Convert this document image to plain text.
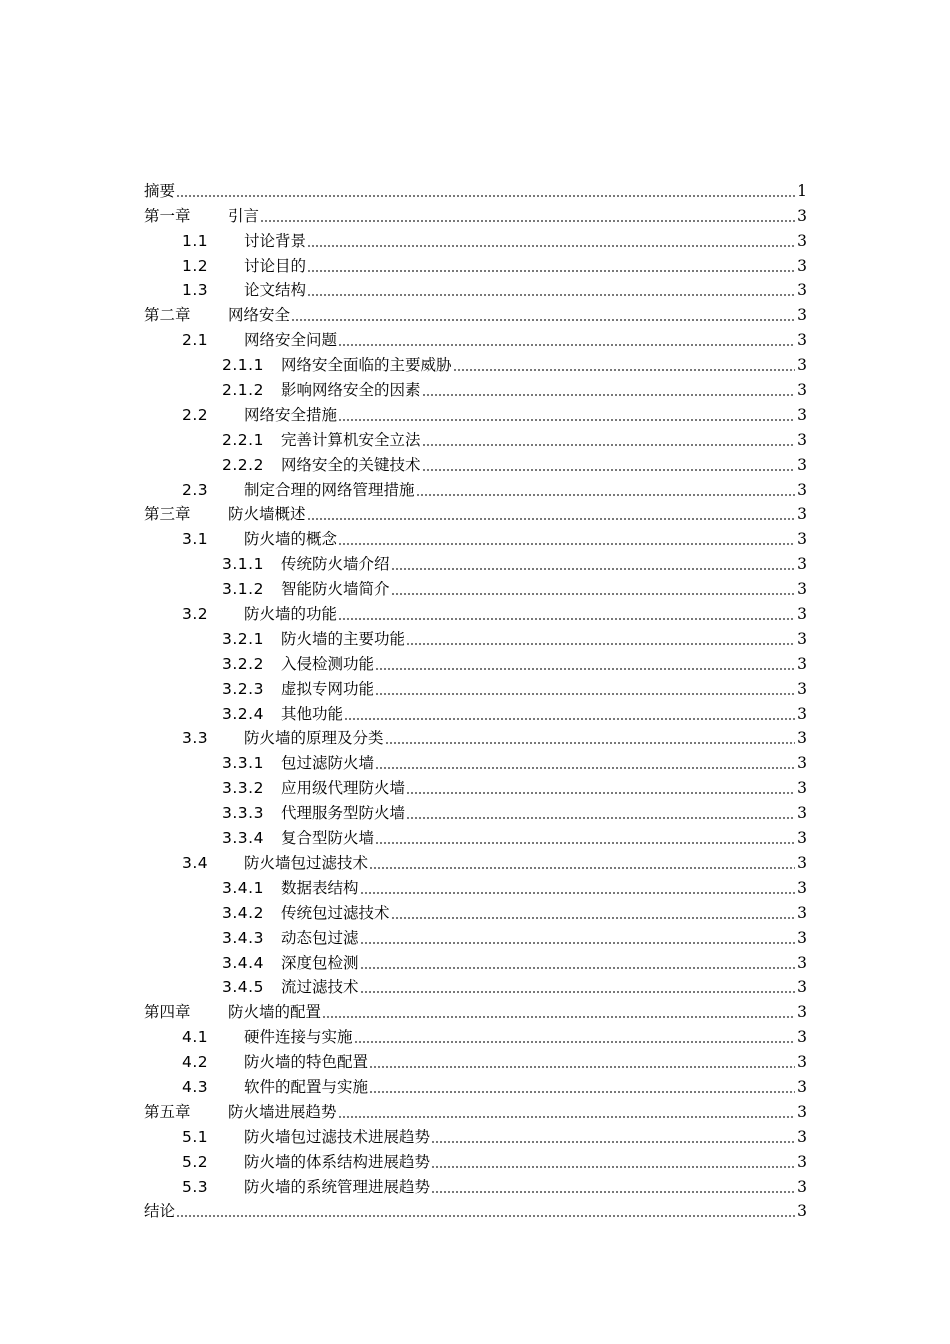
摘要	1
第一章	引言	3
1.1	讨论背景	3
1.2	讨论目的	3
1.3	论文结构	3
第二章	网络安全	3
2.1	网络安全问题	3
2.1.1	网络安全面临的主要威胁	3
2.1.2	影响网络安全的因素	3
2.2	网络安全措施	3
2.2.1	完善计算机安全立法	3
2.2.2	网络安全的关键技术	3
2.3	制定合理的网络管理措施	3
第三章	防火墙概述	3
3.1	防火墙的概念	3
3.1.1	传统防火墙介绍	3
3.1.2	智能防火墙简介	3
3.2	防火墙的功能	3
3.2.1	防火墙的主要功能	3
3.2.2	入侵检测功能	3
3.2.3	虚拟专网功能	3
3.2.4	其他功能	3
3.3	防火墙的原理及分类	3
3.3.1	包过滤防火墙	3
3.3.2	应用级代理防火墙	3
3.3.3	代理服务型防火墙	3
3.3.4	复合型防火墙	3
3.4	防火墙包过滤技术	3
3.4.1	数据表结构	3
3.4.2	传统包过滤技术	3
3.4.3	动态包过滤	3
3.4.4	深度包检测	3
3.4.5	流过滤技术	3
第四章	防火墙的配置	3
4.1	硬件连接与实施	3
4.2	防火墙的特色配置	3
4.3	软件的配置与实施	3
第五章	防火墙进展趋势	3
5.1	防火墙包过滤技术进展趋势	3
5.2	防火墙的体系结构进展趋势	3
5.3	防火墙的系统管理进展趋势	3
结论	3
